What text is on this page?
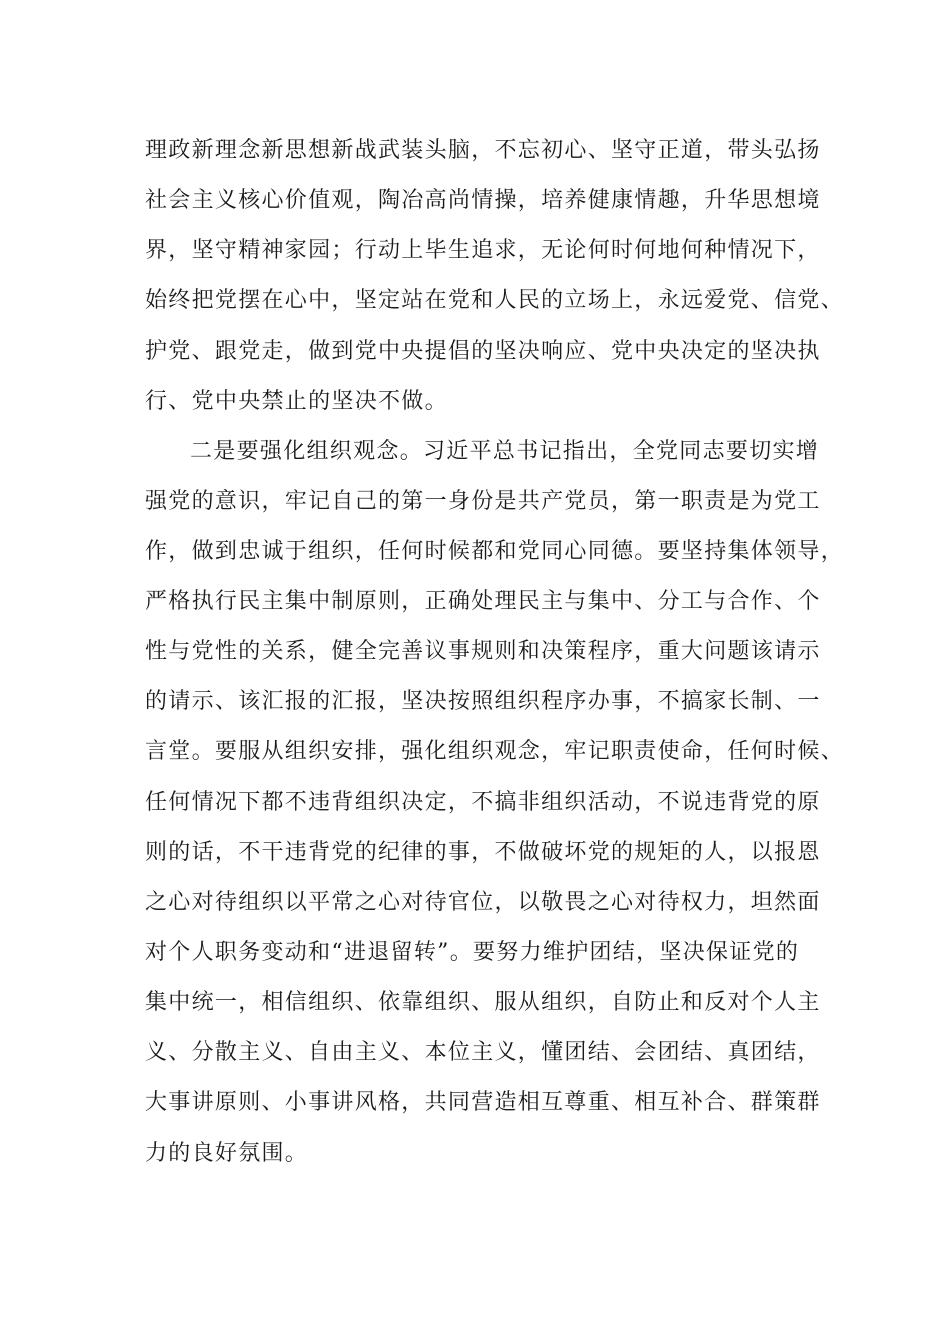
理政新理念新思想新战武装头脑，不忘初心、坚守正道，带头弘扬
社会主义核心价值观，陶冶高尚情操，培养健康情趣，升华思想境
界，坚守精神家园；行动上毕生追求，无论何时何地何种情况下，
始终把党摆在心中，坚定站在党和人民的立场上，永远爱党、信党、
护党、跟党走，做到党中央提倡的坚决响应、党中央决定的坚决执
行、党中央禁止的坚决不做。
二是要强化组织观念。习近平总书记指出，全党同志要切实增
强党的意识，牢记自己的第一身份是共产党员，第一职责是为党工
作，做到忠诚于组织，任何时候都和党同心同德。要坚持集体领导，
严格执行民主集中制原则，正确处理民主与集中、分工与合作、个
性与党性的关系，健全完善议事规则和决策程序，重大问题该请示
的请示、该汇报的汇报，坚决按照组织程序办事，不搞家长制、一
言堂。要服从组织安排，强化组织观念，牢记职责使命，任何时候、
任何情况下都不违背组织决定，不搞非组织活动，不说违背党的原
则的话，不干违背党的纪律的事，不做破坏党的规矩的人，以报恩
之心对待组织以平常之心对待官位，以敬畏之心对待权力，坦然面
对个人职务变动和“进退留转”。要努力维护团结，坚决保证党的
集中统一，相信组织、依靠组织、服从组织，自防止和反对个人主
义、分散主义、自由主义、本位主义，懂团结、会团结、真团结，
大事讲原则、小事讲风格，共同营造相互尊重、相互补合、群策群
力的良好氛围。
